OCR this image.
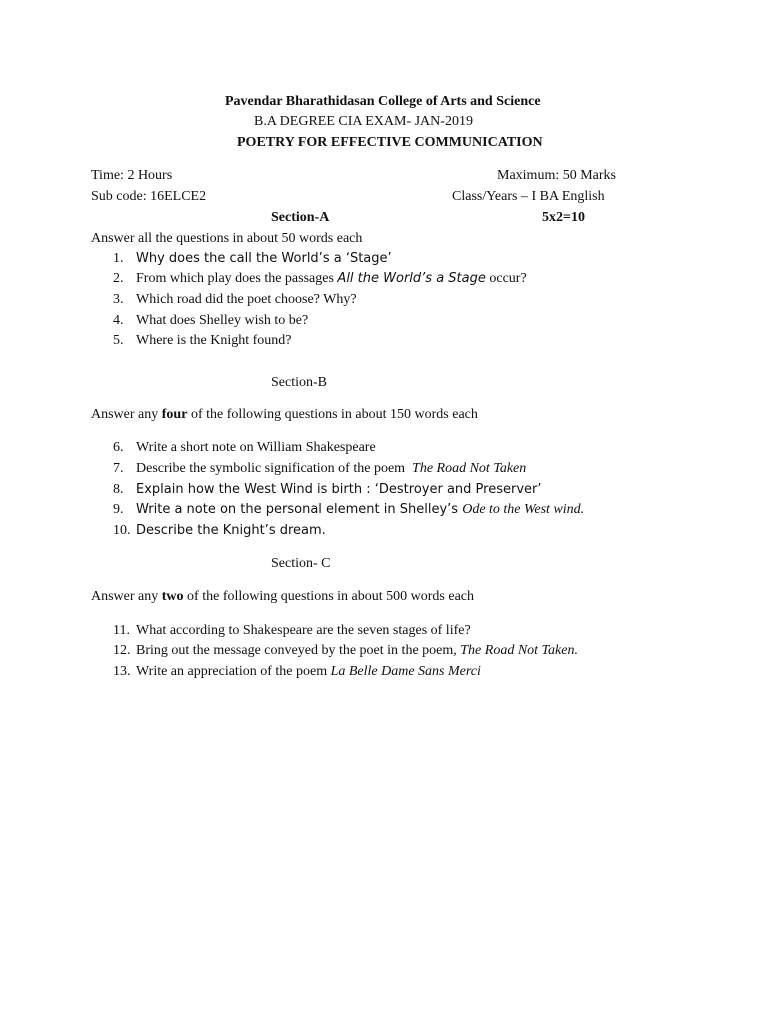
Pavendar Bharathidasan College of Arts and Science
B.A DEGREE CIA EXAM- JAN-2019
POETRY FOR EFFECTIVE COMMUNICATION
Time: 2 Hours	Maximum: 50 Marks
Sub code: 16ELCE2	Class/Years – I BA English
Section-A	5x2=10
Answer all the questions in about 50 words each
1. Why does the call the World’s a ‘Stage’
2. From which play does the passages All the World’s a Stage occur?
3. Which road did the poet choose? Why?
4. What does Shelley wish to be?
5. Where is the Knight found?
Section-B
Answer any four of the following questions in about 150 words each
6. Write a short note on William Shakespeare
7. Describe the symbolic signification of the poem  The Road Not Taken
8. Explain how the West Wind is birth : ‘Destroyer and Preserver’
9. Write a note on the personal element in Shelley’s Ode to the West wind.
10. Describe the Knight’s dream.
Section- C
Answer any two of the following questions in about 500 words each
11. What according to Shakespeare are the seven stages of life?
12. Bring out the message conveyed by the poet in the poem, The Road Not Taken.
13. Write an appreciation of the poem La Belle Dame Sans Merci
